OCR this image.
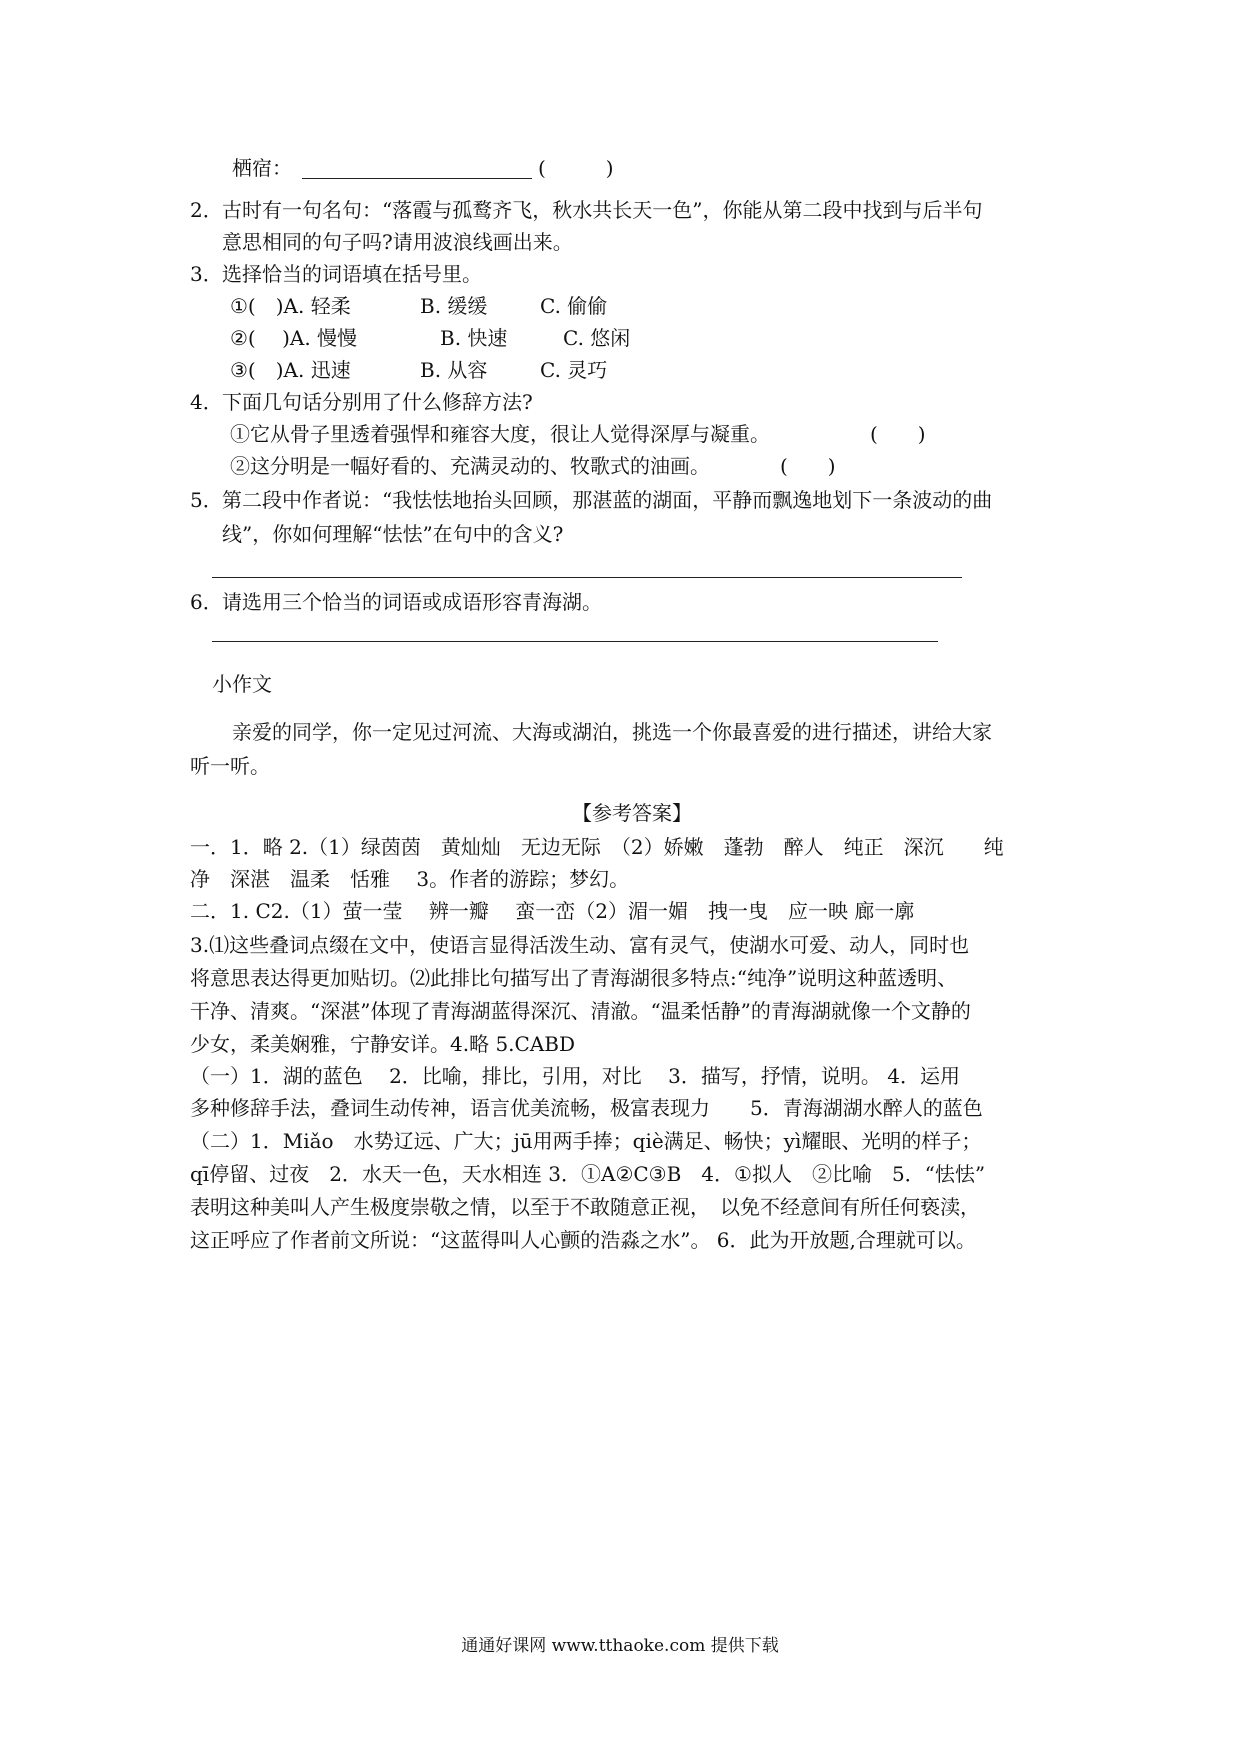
栖宿：	(　　　)
2． 古时有一句名句：“落霞与孤鹜齐飞，秋水共长天一色”，你能从第二段中找到与后半句
意思相同的句子吗?请用波浪线画出来。
3． 选择恰当的词语填在括号里。
①(　)A. 轻柔	B. 缓缓	C. 偷偷
②(　 )A. 慢慢	B. 快速	C. 悠闲
③(　)A. 迅速	B. 从容	C. 灵巧
4． 下面几句话分别用了什么修辞方法?
①它从骨子里透着强悍和雍容大度，很让人觉得深厚与凝重。	(　　)
②这分明是一幅好看的、充满灵动的、牧歌式的油画。	(　　)
5． 第二段中作者说：“我怯怯地抬头回顾，那湛蓝的湖面，平静而飘逸地划下一条波动的曲
线”，你如何理解“怯怯”在句中的含义?
6． 请选用三个恰当的词语或成语形容青海湖。
小作文
亲爱的同学，你一定见过河流、大海或湖泊，挑选一个你最喜爱的进行描述，讲给大家
听一听。
【参考答案】
一．1．略 2.（1）绿茵茵　黄灿灿　无边无际　（2）娇嫩　蓬勃　醉人　纯正　深沉　　纯
净　深湛　温柔　恬雅　 3。作者的游踪；梦幻。
二．1. C2.（1）萤一莹　 辨一瓣　 蛮一峦（2）湄一媚　拽一曳　应一映 廊一廓
3.⑴这些叠词点缀在文中，使语言显得活泼生动、富有灵气，使湖水可爱、动人，同时也
将意思表达得更加贴切。⑵此排比句描写出了青海湖很多特点:“纯净”说明这种蓝透明、
干净、清爽。“深湛”体现了青海湖蓝得深沉、清澈。“温柔恬静”的青海湖就像一个文静的
少女，柔美娴雅，宁静安详。4.略 5.CABD
（一）1．湖的蓝色　 2．比喻，排比，引用，对比　 3．描写，抒情，说明。 4．运用
多种修辞手法，叠词生动传神，语言优美流畅，极富表现力　　5．青海湖湖水醉人的蓝色
（二）1．Miǎo　水势辽远、广大；jū用两手捧；qiè满足、畅快；yì耀眼、光明的样子；
qī停留、过夜　2．水天一色，天水相连 3．①A②C③B　4．①拟人　②比喻　5．“怯怯”
表明这种美叫人产生极度崇敬之情，以至于不敢随意正视，　以免不经意间有所任何亵渎，
这正呼应了作者前文所说：“这蓝得叫人心颤的浩淼之水”。 6．此为开放题,合理就可以。
通通好课网 www.tthaoke.com 提供下载
